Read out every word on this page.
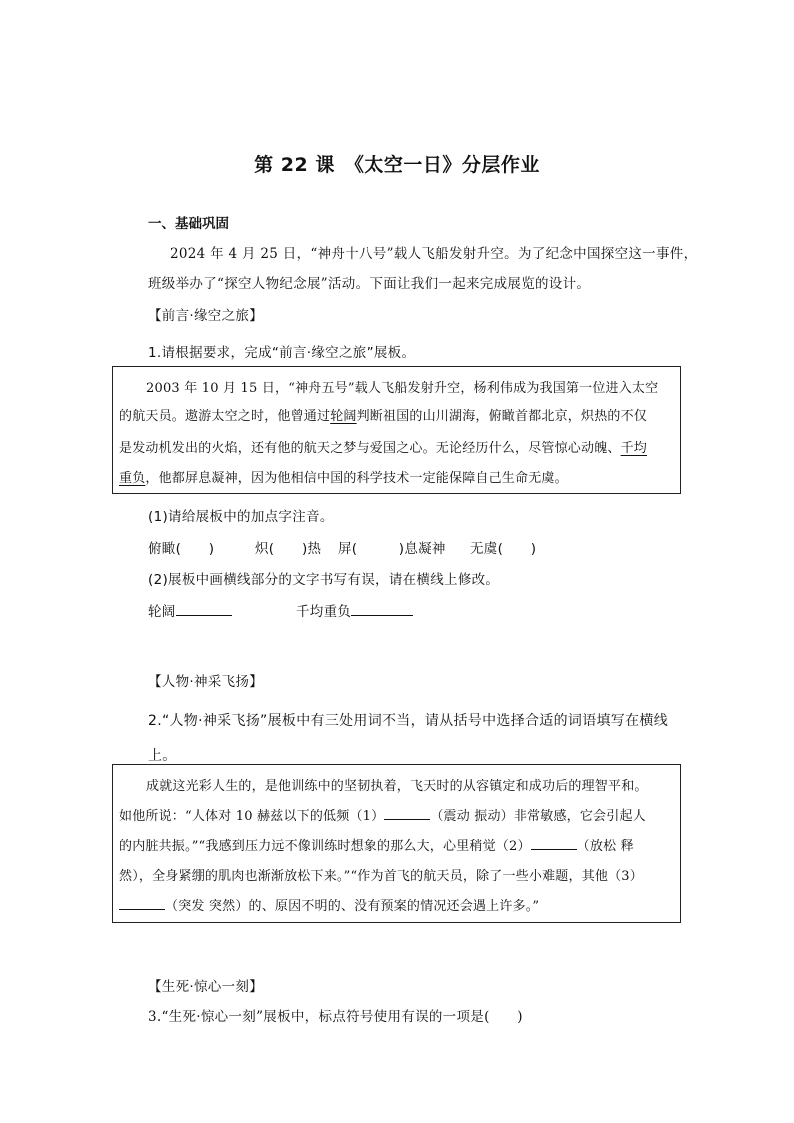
第 22 课　《太空一日》分层作业
一、基础巩固
2024 年 4 月 25 日，“神舟十八号”载人飞船发射升空。为了纪念中国探空这一事件，
班级举办了“探空人物纪念展”活动。下面让我们一起来完成展览的设计。
【前言·缘空之旅】
1.请根据要求，完成“前言·缘空之旅”展板。
2003 年 10 月 15 日，“神舟五号”载人飞船发射升空，杨利伟成为我国第一位进入太空
的航天员。遨游太空之时，他曾通过轮阔判断祖国的山川湖海，俯瞰首都北京，炽热的不仅
是发动机发出的火焰，还有他的航天之梦与爱国之心。无论经历什么，尽管惊心动魄、千均
重负，他都屏息凝神，因为他相信中国的科学技术一定能保障自己生命无虞。
(1)请给展板中的加点字注音。
俯瞰(　　)	炽(　　)热 屏(　　　)息凝神 无虞(　　)
(2)展板中画横线部分的文字书写有误，请在横线上修改。
轮阔	千均重负
【人物·神采飞扬】
2.“人物·神采飞扬”展板中有三处用词不当，请从括号中选择合适的词语填写在横线
上。
成就这光彩人生的，是他训练中的坚韧执着，飞天时的从容镇定和成功后的理智平和。
如他所说：“人体对 10 赫兹以下的低频（1）	（震动 振动）非常敏感，它会引起人
的内脏共振。”“我感到压力远不像训练时想象的那么大，心里稍觉（2）	（放松 释
然），全身紧绷的肌肉也渐渐放松下来。”“作为首飞的航天员，除了一些小难题，其他（3）
（突发 突然）的、原因不明的、没有预案的情况还会遇上许多。”
【生死·惊心一刻】
3.“生死·惊心一刻”展板中，标点符号使用有误的一项是(　　)
